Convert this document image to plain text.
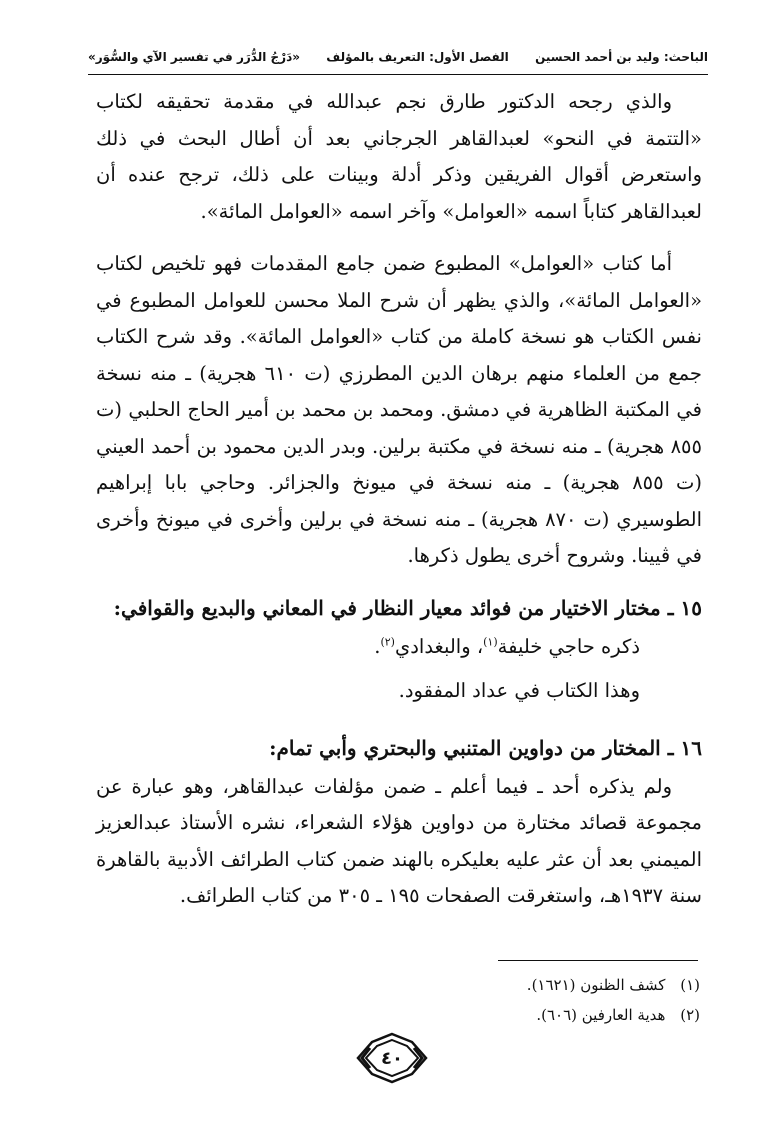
الباحث: وليد بن أحمد الحسين
الفصل الأول: التعريف بالمؤلف
«دَرْجُ الدُّرَر في تفسير الآي والسُّوَر»

والذي رجحه الدكتور طارق نجم عبدالله في مقدمة تحقيقه لكتاب «التتمة في النحو» لعبدالقاهر الجرجاني بعد أن أطال البحث في ذلك واستعرض أقوال الفريقين وذكر أدلة وبينات على ذلك، ترجح عنده أن لعبدالقاهر كتاباً اسمه «العوامل» وآخر اسمه «العوامل المائة».

أما كتاب «العوامل» المطبوع ضمن جامع المقدمات فهو تلخيص لكتاب «العوامل المائة»، والذي يظهر أن شرح الملا محسن للعوامل المطبوع في نفس الكتاب هو نسخة كاملة من كتاب «العوامل المائة». وقد شرح الكتاب جمع من العلماء منهم برهان الدين المطرزي (ت ٦١٠ هجرية) ـ منه نسخة في المكتبة الظاهرية في دمشق. ومحمد بن محمد بن أمير الحاج الحلبي (ت ٨٥٥ هجرية) ـ منه نسخة في مكتبة برلين. وبدر الدين محمود بن أحمد العيني (ت ٨٥٥ هجرية) ـ منه نسخة في ميونخ والجزائر. وحاجي بابا إبراهيم الطوسيري (ت ٨٧٠ هجرية) ـ منه نسخة في برلين وأخرى في ميونخ وأخرى في ڤيينا. وشروح أخرى يطول ذكرها.

١٥ ـ مختار الاختيار من فوائد معيار النظار في المعاني والبديع والقوافي:
ذكره حاجي خليفة$^{(١)}$، والبغدادي$^{(٢)}$.
وهذا الكتاب في عداد المفقود.
١٦ ـ المختار من دواوين المتنبي والبحتري وأبي تمام:

ولم يذكره أحد ـ فيما أعلم ـ ضمن مؤلفات عبدالقاهر، وهو عبارة عن مجموعة قصائد مختارة من دواوين هؤلاء الشعراء، نشره الأستاذ عبدالعزيز الميمني بعد أن عثر عليه بعليكره بالهند ضمن كتاب الطرائف الأدبية بالقاهرة سنة ١٩٣٧هـ، واستغرقت الصفحات ١٩٥ ـ ٣٠٥ من كتاب الطرائف.

(١) كشف الظنون (١٦٢١).
(٢) هدية العارفين (٦٠٦).
٤٠
